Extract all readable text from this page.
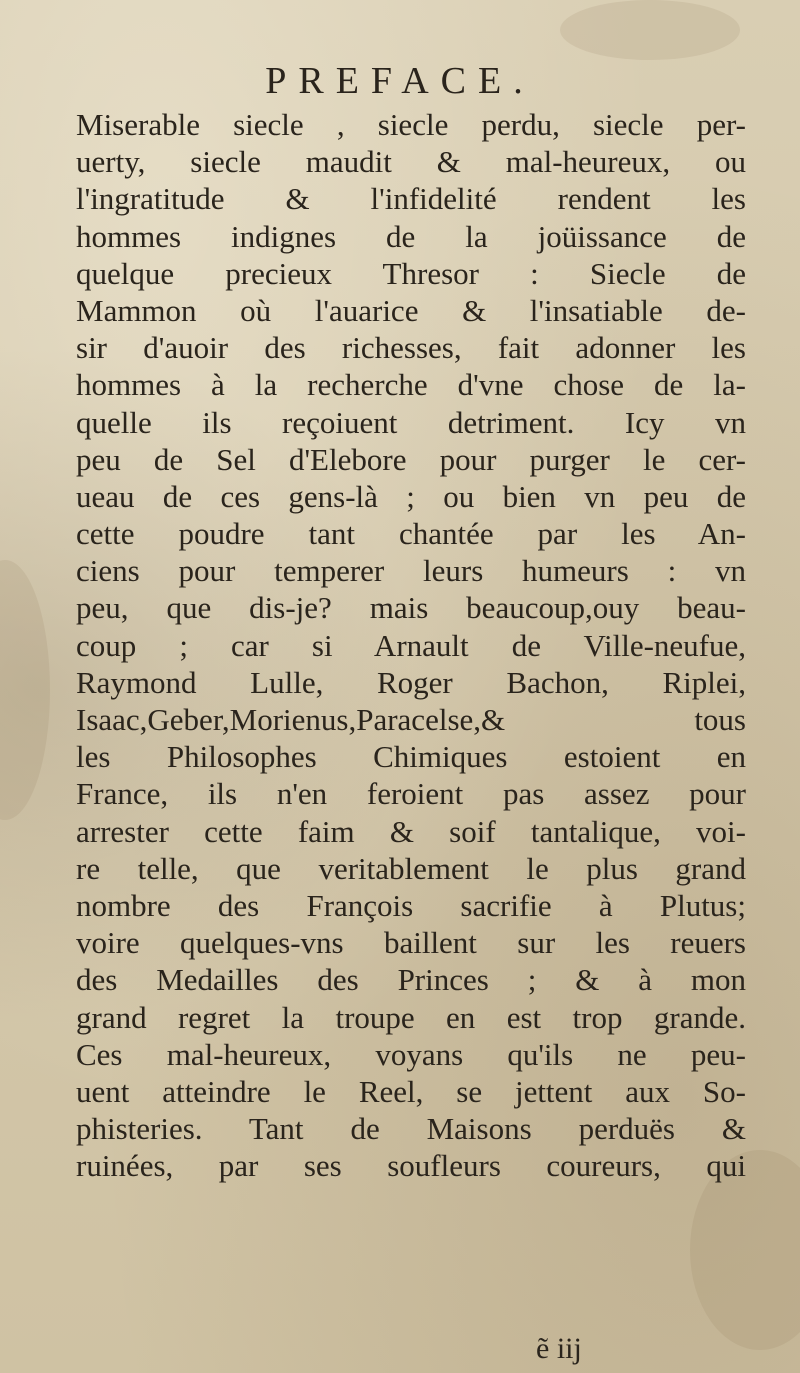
PREFACE.
Miserable siecle , siecle perdu, siecle per-
uerty, siecle maudit & mal-heureux, ou
l'ingratitude & l'infidelité rendent les
hommes indignes de la joüissance de
quelque precieux Thresor : Siecle de
Mammon où l'auarice & l'insatiable de-
sir d'auoir des richesses, fait adonner les
hommes à la recherche d'vne chose de la-
quelle ils reçoiuent detriment. Icy vn
peu de Sel d'Elebore pour purger le cer-
ueau de ces gens-là ; ou bien vn peu de
cette poudre tant chantée par les An-
ciens pour temperer leurs humeurs : vn
peu, que dis-je? mais beaucoup,ouy beau-
coup ; car si Arnault de Ville-neufue,
Raymond Lulle, Roger Bachon, Riplei,
Isaac,Geber,Morienus,Paracelse,& tous
les Philosophes Chimiques estoient en
France, ils n'en feroient pas assez pour
arrester cette faim & soif tantalique, voi-
re telle, que veritablement le plus grand
nombre des François sacrifie à Plutus;
voire quelques-vns baillent sur les reuers
des Medailles des Princes ; & à mon
grand regret la troupe en est trop grande.
Ces mal-heureux, voyans qu'ils ne peu-
uent atteindre le Reel, se jettent aux So-
phisteries. Tant de Maisons perduës &
ruinées, par ses soufleurs coureurs, qui
ẽ iij
